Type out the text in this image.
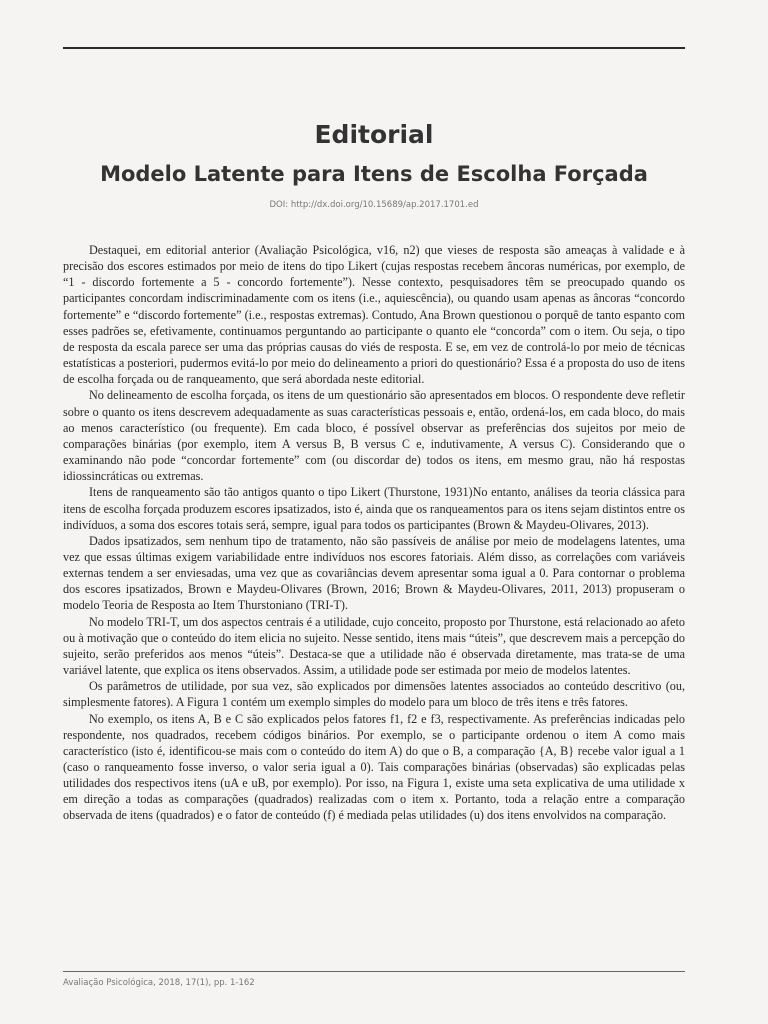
Editorial
Modelo Latente para Itens de Escolha Forçada
DOI: http://dx.doi.org/10.15689/ap.2017.1701.ed

Destaquei, em editorial anterior (Avaliação Psicológica, v16, n2) que vieses de resposta são ameaças à validade e à precisão dos escores estimados por meio de itens do tipo Likert (cujas respostas recebem âncoras numéricas, por exemplo, de “1 - discordo fortemente a 5 - concordo fortemente”). Nesse contexto, pesquisadores têm se preocupado quando os participantes concordam indiscriminadamente com os itens (i.e., aquiescência), ou quando usam apenas as âncoras “concordo fortemente” e “discordo fortemente” (i.e., respostas extremas). Contudo, Ana Brown questionou o porquê de tanto espanto com esses padrões se, efetivamente, continuamos perguntando ao participante o quanto ele “concorda” com o item. Ou seja, o tipo de resposta da escala parece ser uma das próprias causas do viés de resposta. E se, em vez de controlá-lo por meio de técnicas estatísticas a posteriori, pudermos evitá-lo por meio do delineamento a priori do questionário? Essa é a proposta do uso de itens de escolha forçada ou de ranqueamento, que será abordada neste editorial.

No delineamento de escolha forçada, os itens de um questionário são apresentados em blocos. O respondente deve refletir sobre o quanto os itens descrevem adequadamente as suas características pessoais e, então, ordená-los, em cada bloco, do mais ao menos característico (ou frequente). Em cada bloco, é possível observar as preferências dos sujeitos por meio de comparações binárias (por exemplo, item A versus B, B versus C e, indutivamente, A versus C). Considerando que o examinando não pode “concordar fortemente” com (ou discordar de) todos os itens, em mesmo grau, não há respostas idiossincráticas ou extremas.

Itens de ranqueamento são tão antigos quanto o tipo Likert (Thurstone, 1931)No entanto, análises da teoria clássica para itens de escolha forçada produzem escores ipsatizados, isto é, ainda que os ranqueamentos para os itens sejam distintos entre os indivíduos, a soma dos escores totais será, sempre, igual para todos os participantes (Brown & Maydeu-Olivares, 2013).

Dados ipsatizados, sem nenhum tipo de tratamento, não são passíveis de análise por meio de modelagens latentes, uma vez que essas últimas exigem variabilidade entre indivíduos nos escores fatoriais. Além disso, as correlações com variáveis externas tendem a ser enviesadas, uma vez que as covariâncias devem apresentar soma igual a 0. Para contornar o problema dos escores ipsatizados, Brown e Maydeu-Olivares (Brown, 2016; Brown & Maydeu-Olivares, 2011, 2013) propuseram o modelo Teoria de Resposta ao Item Thurstoniano (TRI-T).

No modelo TRI-T, um dos aspectos centrais é a utilidade, cujo conceito, proposto por Thurstone, está relacionado ao afeto ou à motivação que o conteúdo do item elicia no sujeito. Nesse sentido, itens mais “úteis”, que descrevem mais a percepção do sujeito, serão preferidos aos menos “úteis”. Destaca-se que a utilidade não é observada diretamente, mas trata-se de uma variável latente, que explica os itens observados. Assim, a utilidade pode ser estimada por meio de modelos latentes.

Os parâmetros de utilidade, por sua vez, são explicados por dimensões latentes associados ao conteúdo descritivo (ou, simplesmente fatores). A Figura 1 contém um exemplo simples do modelo para um bloco de três itens e três fatores.

No exemplo, os itens A, B e C são explicados pelos fatores f1, f2 e f3, respectivamente. As preferências indicadas pelo respondente, nos quadrados, recebem códigos binários. Por exemplo, se o participante ordenou o item A como mais característico (isto é, identificou-se mais com o conteúdo do item A) do que o B, a comparação {A, B} recebe valor igual a 1 (caso o ranqueamento fosse inverso, o valor seria igual a 0). Tais comparações binárias (observadas) são explicadas pelas utilidades dos respectivos itens (uA e uB, por exemplo). Por isso, na Figura 1, existe uma seta explicativa de uma utilidade x em direção a todas as comparações (quadrados) realizadas com o item x. Portanto, toda a relação entre a comparação observada de itens (quadrados) e o fator de conteúdo (f) é mediada pelas utilidades (u) dos itens envolvidos na comparação.

Avaliação Psicológica, 2018, 17(1), pp. 1-162
